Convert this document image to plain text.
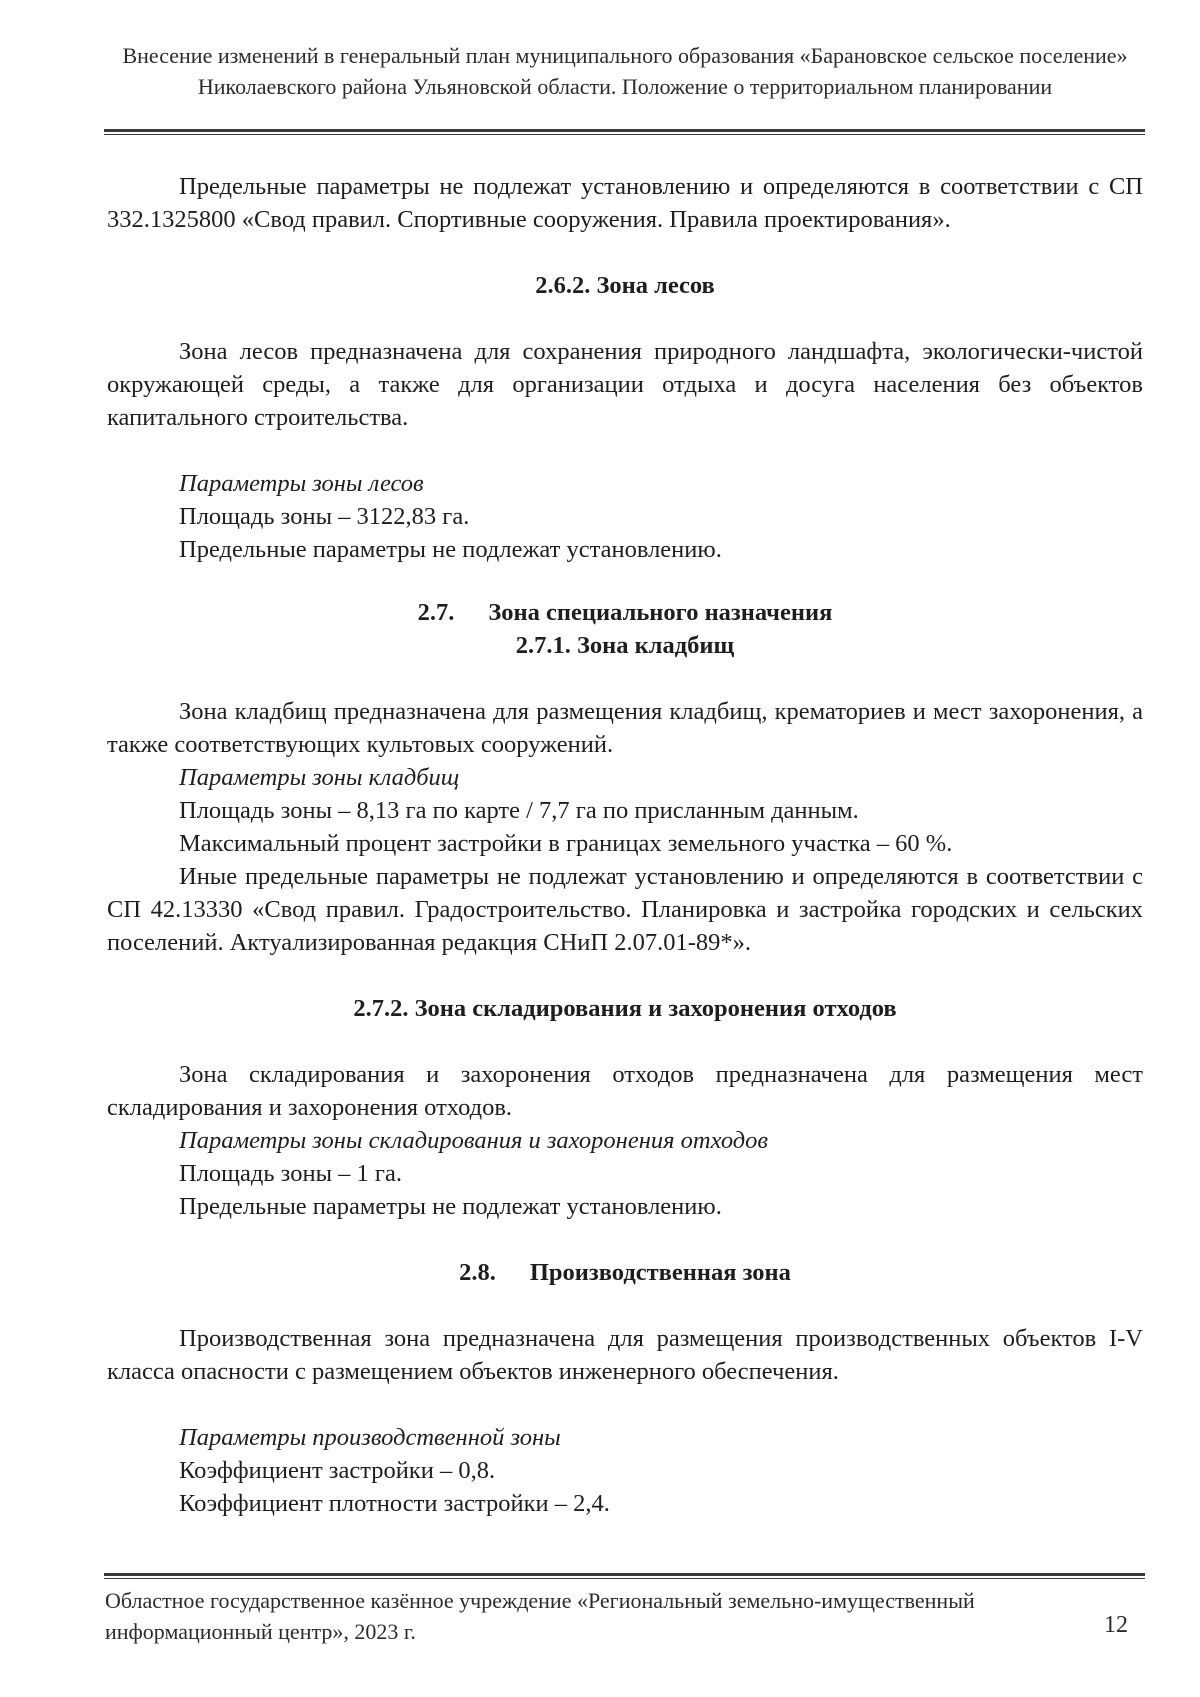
Внесение изменений в генеральный план муниципального образования «Барановское сельское поселение» Николаевского района Ульяновской области. Положение о территориальном планировании

Предельные параметры не подлежат установлению и определяются в соответствии с СП 332.1325800 «Свод правил. Спортивные сооружения. Правила проектирования».

2.6.2. Зона лесов

Зона лесов предназначена для сохранения природного ландшафта, экологически-чистой окружающей среды, а также для организации отдыха и досуга населения без объектов капитального строительства.

Параметры зоны лесов

Площадь зоны – 3122,83 га.

Предельные параметры не подлежат установлению.

2.7. Зона специального назначения

2.7.1. Зона кладбищ

Зона кладбищ предназначена для размещения кладбищ, крематориев и мест захоронения, а также соответствующих культовых сооружений.

Параметры зоны кладбищ

Площадь зоны – 8,13 га по карте / 7,7 га по присланным данным.

Максимальный процент застройки в границах земельного участка – 60 %.

Иные предельные параметры не подлежат установлению и определяются в соответствии с СП 42.13330 «Свод правил. Градостроительство. Планировка и застройка городских и сельских поселений. Актуализированная редакция СНиП 2.07.01-89*».

2.7.2. Зона складирования и захоронения отходов

Зона складирования и захоронения отходов предназначена для размещения мест складирования и захоронения отходов.

Параметры зоны складирования и захоронения отходов

Площадь зоны – 1 га.

Предельные параметры не подлежат установлению.

2.8. Производственная зона

Производственная зона предназначена для размещения производственных объектов I-V класса опасности с размещением объектов инженерного обеспечения.

Параметры производственной зоны

Коэффициент застройки – 0,8.

Коэффициент плотности застройки – 2,4.

Областное государственное казённое учреждение «Региональный земельно-имущественный информационный центр», 2023 г.	12
